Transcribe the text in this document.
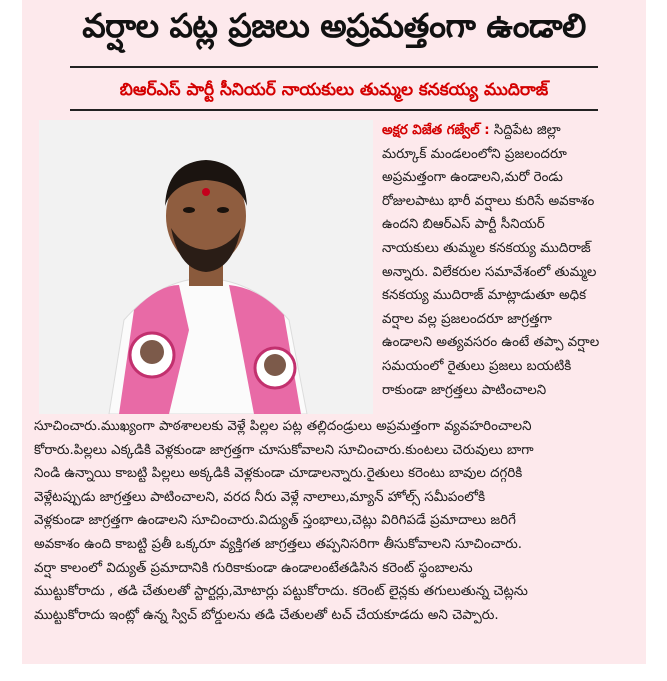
వర్షాల పట్ల ప్రజలు అప్రమత్తంగా ఉండాలి
బిఆర్ఎస్ పార్టీ సీనియర్ నాయకులు తుమ్మల కనకయ్య ముదిరాజ్
అక్షర విజేత గజ్వేల్ : సిద్దిపేట జిల్లా
మర్కూక్ మండలంలోని ప్రజలందరూ
అప్రమత్తంగా ఉండాలని,మరో రెండు
రోజులపాటు భారీ వర్షాలు కురిసే అవకాశం
ఉందని బిఆర్ఎస్ పార్టీ సీనియర్
నాయకులు తుమ్మల కనకయ్య ముదిరాజ్
అన్నారు. విలేకరుల సమావేశంలో తుమ్మల
కనకయ్య ముదిరాజ్ మాట్లాడుతూ అధిక
వర్షాల వల్ల ప్రజలందరూ జాగ్రత్తగా
ఉండాలని అత్యవసరం ఉంటే తప్పా వర్షాల
సమయంలో రైతులు ప్రజలు బయటికి
రాకుండా జాగ్రత్తలు పాటించాలని
సూచించారు.ముఖ్యంగా పాఠశాలలకు వెళ్లే పిల్లల పట్ల తల్లిదండ్రులు అప్రమత్తంగా వ్యవహరించాలని
కోరారు.పిల్లలు ఎక్కడికి వెళ్లకుండా జాగ్రత్తగా చూసుకోవాలని సూచించారు.కుంటలు చెరువులు బాగా
నిండి ఉన్నాయి కాబట్టి పిల్లలు అక్కడికి వెళ్లకుండా చూడాలన్నారు.రైతులు కరెంటు బావుల దగ్గరికి
వెళ్లేటప్పుడు జాగ్రత్తలు పాటించాలని, వరద నీరు వెళ్లే నాలాలు,మ్యాన్ హోల్స్ సమీపంలోకి
వెళ్లకుండా జాగ్రత్తగా ఉండాలని సూచించారు.విద్యుత్ స్తంభాలు,చెట్లు విరిగిపడే ప్రమాదాలు జరిగే
అవకాశం ఉంది కాబట్టి ప్రతీ ఒక్కరూ వ్యక్తిగత జాగ్రత్తలు తప్పనిసరిగా తీసుకోవాలని సూచించారు.
వర్షా కాలంలో విద్యుత్ ప్రమాదానికి గురికాకుండా ఉండాలంటేతడిసిన కరెంట్ స్థంబాలను
ముట్టుకోరాదు , తడి చేతులతో స్టార్టర్లు,మోటార్లు పట్టుకోరాదు. కరెంట్ లైన్లకు తగులుతున్న చెట్లను
ముట్టుకోరాదు ఇంట్లో ఉన్న స్విచ్ బోర్డులను తడి చేతులతో టచ్ చేయకూడదు అని చెప్పారు.
